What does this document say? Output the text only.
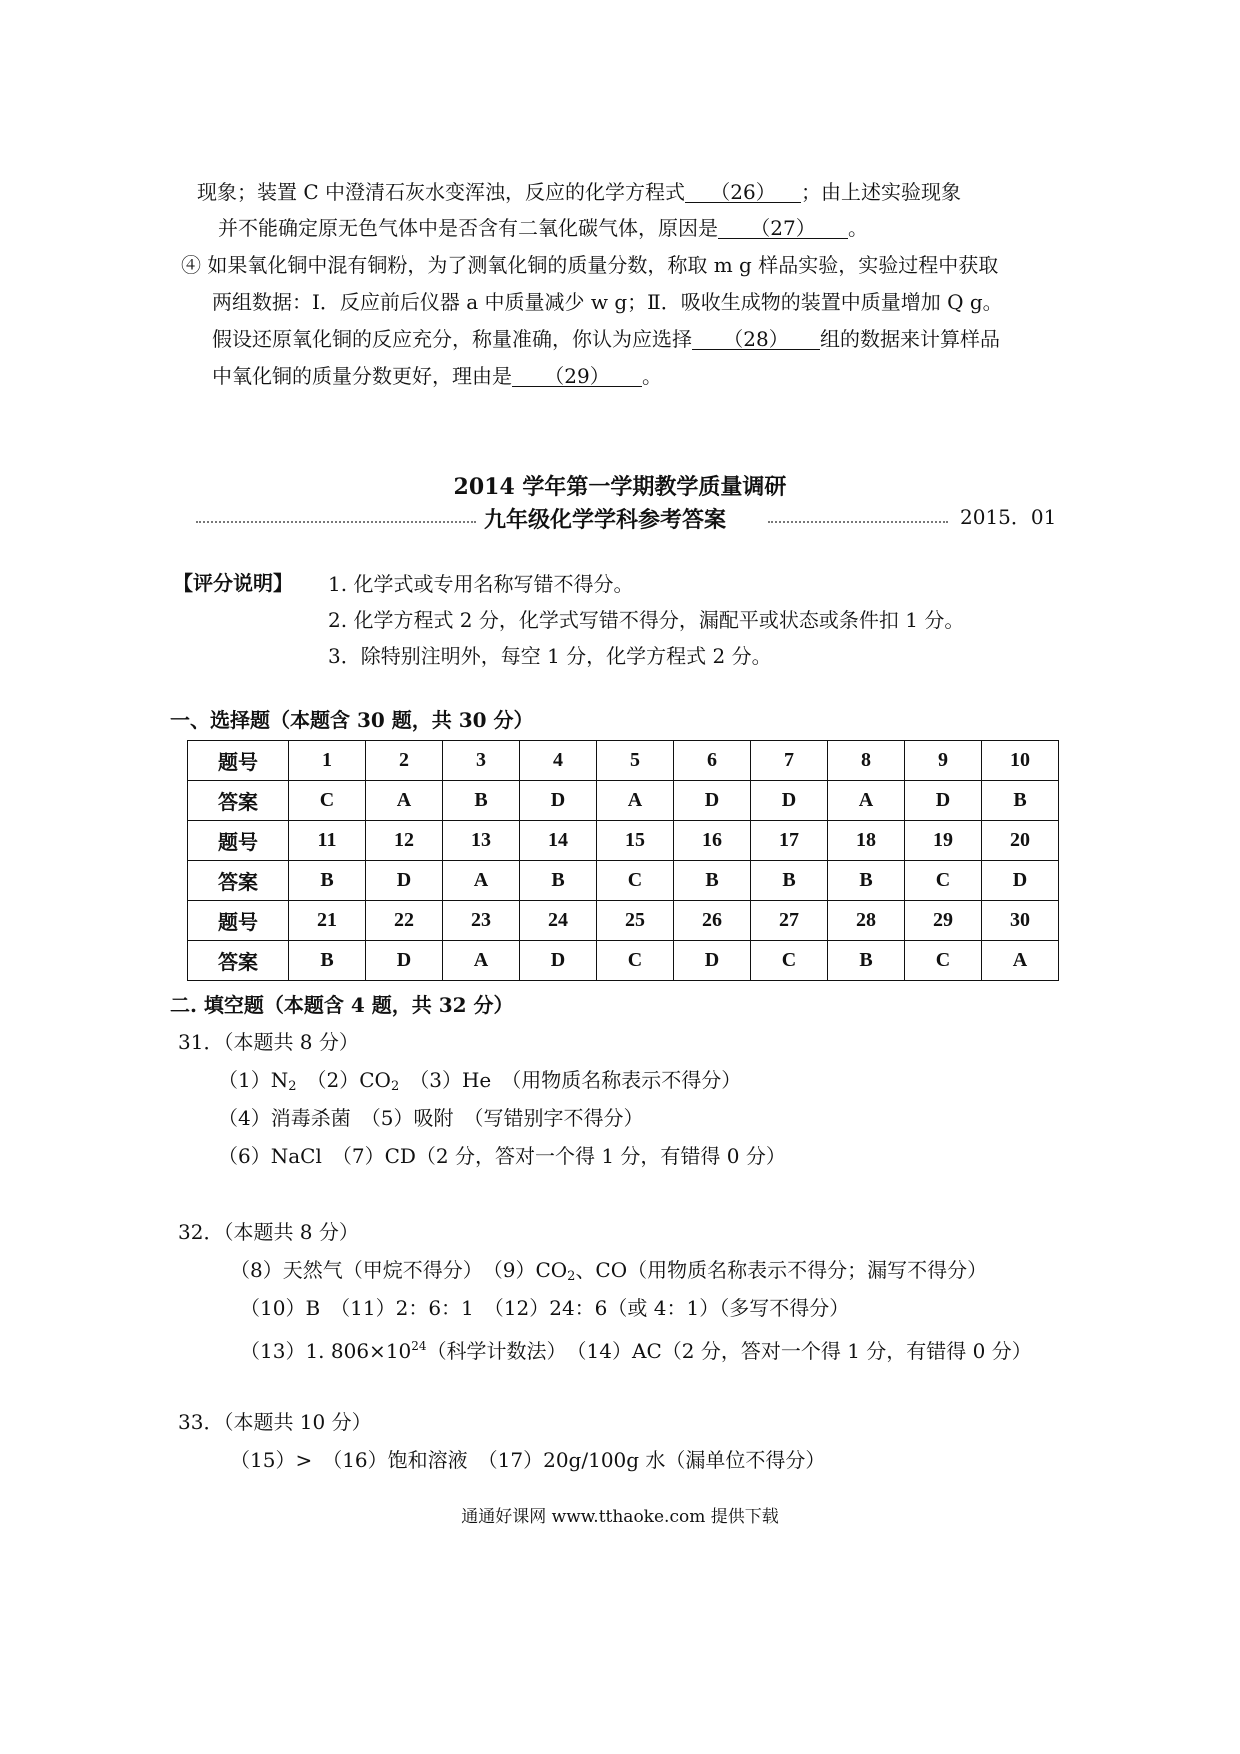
现象；装置 C 中澄清石灰水变浑浊，反应的化学方程式 （26） ；由上述实验现象
并不能确定原无色气体中是否含有二氧化碳气体，原因是 （27） 。
④ 如果氧化铜中混有铜粉，为了测氧化铜的质量分数，称取 m g 样品实验，实验过程中获取
两组数据：Ⅰ．反应前后仪器 a 中质量减少 w g；Ⅱ．吸收生成物的装置中质量增加 Q g。
假设还原氧化铜的反应充分，称量准确，你认为应选择 （28） 组的数据来计算样品
中氧化铜的质量分数更好，理由是 （29） 。
2014 学年第一学期教学质量调研
九年级化学学科参考答案	2015．01
【评分说明】 1. 化学式或专用名称写错不得分。
2. 化学方程式 2 分，化学式写错不得分，漏配平或状态或条件扣 1 分。
3．除特别注明外，每空 1 分，化学方程式 2 分。
一、选择题（本题含 30 题，共 30 分）
题号	1	2	3	4	5	6	7	8	9	10
答案	C	A	B	D	A	D	D	A	D	B
题号	11	12	13	14	15	16	17	18	19	20
答案	B	D	A	B	C	B	B	B	C	D
题号	21	22	23	24	25	26	27	28	29	30
答案	B	D	A	D	C	D	C	B	C	A
二. 填空题（本题含 4 题，共 32 分）
31．（本题共 8 分）
$(1)N_2$　$(2)CO_2$　（3）He　（用物质名称表示不得分）
（4）消毒杀菌　（5）吸附　（写错别字不得分）
（6）NaCl　（7）CD（2 分，答对一个得 1 分，有错得 0 分）
32．（本题共 8 分）
（8）天然气（甲烷不得分）　$(9)CO_2$、CO（用物质名称表示不得分；漏写不得分）
（10）B　（11）2：6：1　（12）24：6（或 4：1）（多写不得分）
（13）1. $806\times 10^{24}$（科学计数法）　（14）AC（2 分，答对一个得 1 分，有错得 0 分）
33．（本题共 10 分）
（15）>　（16）饱和溶液　（17）20g/100g 水（漏单位不得分）
通通好课网 www.tthaoke.com 提供下载
